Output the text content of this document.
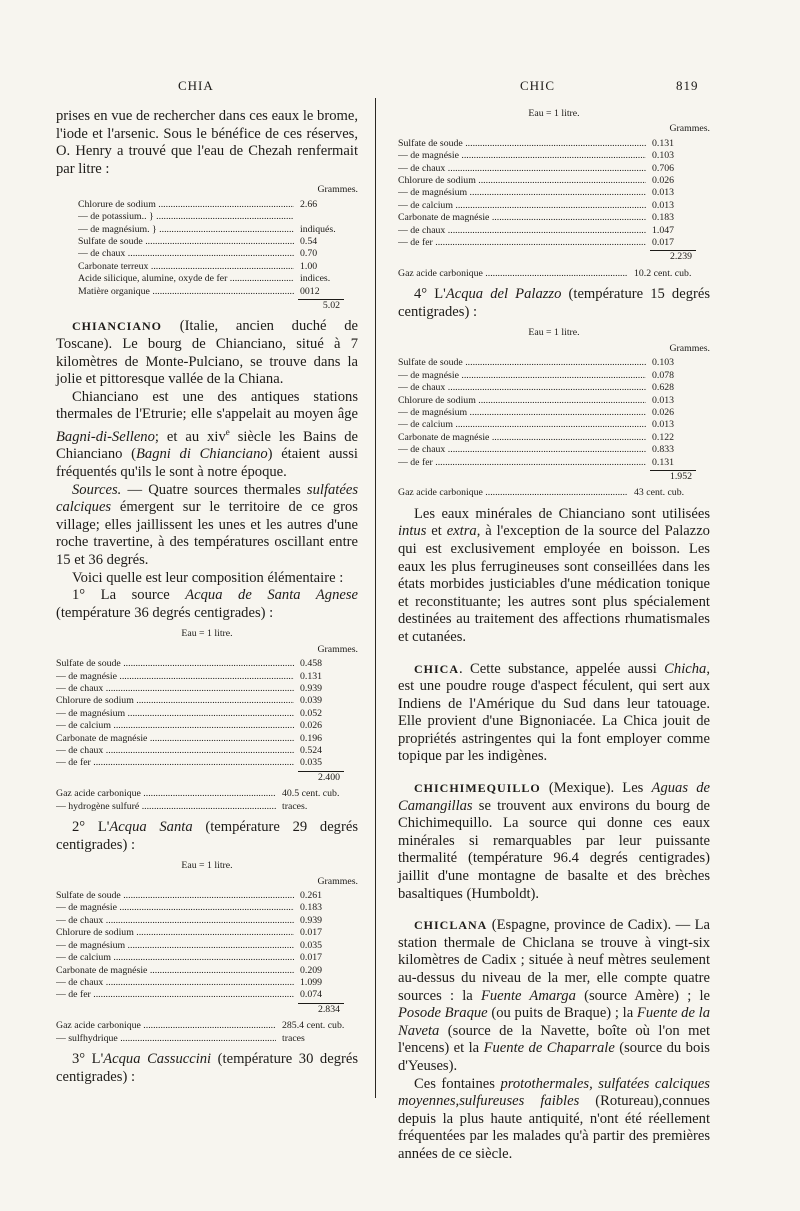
CHIA	CHIC	819

prises en vue de rechercher dans ces eaux le brome, l'iode et l'arsenic. Sous le bénéfice de ces réserves, O. Henry a trouvé que l'eau de Chezah renfermait par litre :

Grammes.
Chlorure de sodium .....	2.66
— de potassium.. } .....
— de magnésium. } .....	indiqués.
Sulfate de soude .....	0.54
— de chaux .....	0.70
Carbonate terreux .....	1.00
Acide silicique, alumine, oxyde de fer .....	indices.
Matière organique .....	0012
5.02

CHIANCIANO (Italie, ancien duché de Toscane). Le bourg de Chianciano, situé à 7 kilomètres de Monte-Pulciano, se trouve dans la jolie et pittoresque vallée de la Chiana.

Chianciano est une des antiques stations thermales de l'Etrurie; elle s'appelait au moyen âge Bagni-di-Selleno; et au xiv$^e$ siècle les Bains de Chianciano (Bagni di Chianciano) étaient aussi fréquentés qu'ils le sont à notre époque.

Sources. — Quatre sources thermales sulfatées calciques émergent sur le territoire de ce gros village; elles jaillissent les unes et les autres d'une roche travertine, à des températures oscillant entre 15 et 36 degrés.

Voici quelle est leur composition élémentaire :

1° La source Acqua de Santa Agnese (température 36 degrés centigrades) :

Eau = 1 litre.
Grammes.
Sulfate de soude .....	0.458
— de magnésie .....	0.131
— de chaux .....	0.939
Chlorure de sodium .....	0.039
— de magnésium .....	0.052
— de calcium .....	0.026
Carbonate de magnésie .....	0.196
— de chaux .....	0.524
— de fer .....	0.035
2.400
Gaz acide carbonique .....	40.5 cent. cub.
— hydrogène sulfuré .....	traces.

2° L'Acqua Santa (température 29 degrés centigrades) :

Eau = 1 litre.
Grammes.
Sulfate de soude .....	0.261
— de magnésie .....	0.183
— de chaux .....	0.939
Chlorure de sodium .....	0.017
— de magnésium .....	0.035
— de calcium .....	0.017
Carbonate de magnésie .....	0.209
— de chaux .....	1.099
— de fer .....	0.074
2.834
Gaz acide carbonique .....	285.4 cent. cub.
— sulfhydrique .....	traces

3° L'Acqua Cassuccini (température 30 degrés centigrades) :

Eau = 1 litre.
Grammes.
Sulfate de soude .....	0.131
— de magnésie .....	0.103
— de chaux .....	0.706
Chlorure de sodium .....	0.026
— de magnésium .....	0.013
— de calcium .....	0.013
Carbonate de magnésie .....	0.183
— de chaux .....	1.047
— de fer .....	0.017
2.239
Gaz acide carbonique .....	10.2 cent. cub.

4° L'Acqua del Palazzo (température 15 degrés centigrades) :

Eau = 1 litre.
Grammes.
Sulfate de soude .....	0.103
— de magnésie .....	0.078
— de chaux .....	0.628
Chlorure de sodium .....	0.013
— de magnésium .....	0.026
— de calcium .....	0.013
Carbonate de magnésie .....	0.122
— de chaux .....	0.833
— de fer .....	0.131
1.952
Gaz acide carbonique .....	43 cent. cub.

Les eaux minérales de Chianciano sont utilisées intus et extra, à l'exception de la source del Palazzo qui est exclusivement employée en boisson. Les eaux les plus ferrugineuses sont conseillées dans les états morbides justiciables d'une médication tonique et reconstituante; les autres sont plus spécialement destinées au traitement des affections rhumatismales et cutanées.

CHICA. Cette substance, appelée aussi Chicha, est une poudre rouge d'aspect féculent, qui sert aux Indiens de l'Amérique du Sud dans leur tatouage. Elle provient d'une Bignoniacée. La Chica jouit de propriétés astringentes qui la font employer comme topique par les indigènes.

CHICHIMEQUILLO (Mexique). Les Aguas de Camangillas se trouvent aux environs du bourg de Chichimequillo. La source qui donne ces eaux minérales si remarquables par leur puissante thermalité (température 96.4 degrés centigrades) jaillit d'une montagne de basalte et des brèches basaltiques (Humboldt).

CHICLANA (Espagne, province de Cadix). — La station thermale de Chiclana se trouve à vingt-six kilomètres de Cadix ; située à neuf mètres seulement au-dessus du niveau de la mer, elle compte quatre sources : la Fuente Amarga (source Amère) ; le Posode Braque (ou puits de Braque) ; la Fuente de la Naveta (source de la Navette, boîte où l'on met l'encens) et la Fuente de Chaparrale (source du bois d'Yeuses).

Ces fontaines protothermales, sulfatées calciques moyennes,sulfureuses faibles (Rotureau),connues depuis la plus haute antiquité, n'ont été réellement fréquentées par les malades qu'à partir des premières années de ce siècle.
